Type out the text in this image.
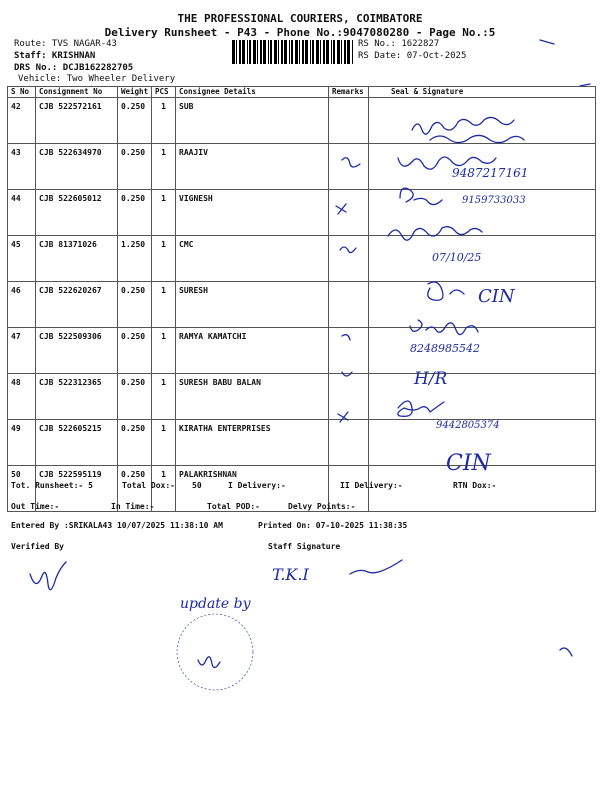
THE PROFESSIONAL COURIERS, COIMBATORE
Delivery Runsheet - P43 - Phone No.:9047080280 - Page No.:5
Route: TVS NAGAR-43
Staff: KRISHNAN
DRS No.: DCJB162282705
Vehicle: Two Wheeler Delivery
RS No.: 1622827
RS Date: 07-Oct-2025
S No	Consignment No	Weight	PCS	Consignee Details	Remarks	Seal & Signature
42	CJB 522572161	0.250	1	SUB		
43	CJB 522634970	0.250	1	RAAJIV		
44	CJB 522605012	0.250	1	VIGNESH		
45	CJB 81371026	1.250	1	CMC		
46	CJB 522620267	0.250	1	SURESH		
47	CJB 522509306	0.250	1	RAMYA KAMATCHI		
48	CJB 522312365	0.250	1	SURESH BABU BALAN		
49	CJB 522605215	0.250	1	KIRATHA ENTERPRISES		
50	CJB 522595119	0.250	1	PALAKRISHNAN		
Tot. Runsheet:- 5	Total Dox:- 50	I Delivery:-	II Delivery:-	RTN Dox:-
Out Time:-	In Time:-	Total POD:-	Delvy Points:-
Entered By :SRIKALA43 10/07/2025 11:38:10 AM	Printed On: 07-10-2025 11:38:35
Verified By	Staff Signature
9487217161
9159733033
07/10/25
CIN
8248985542
H/R
9442805374
CIN
T.K.I
update by
